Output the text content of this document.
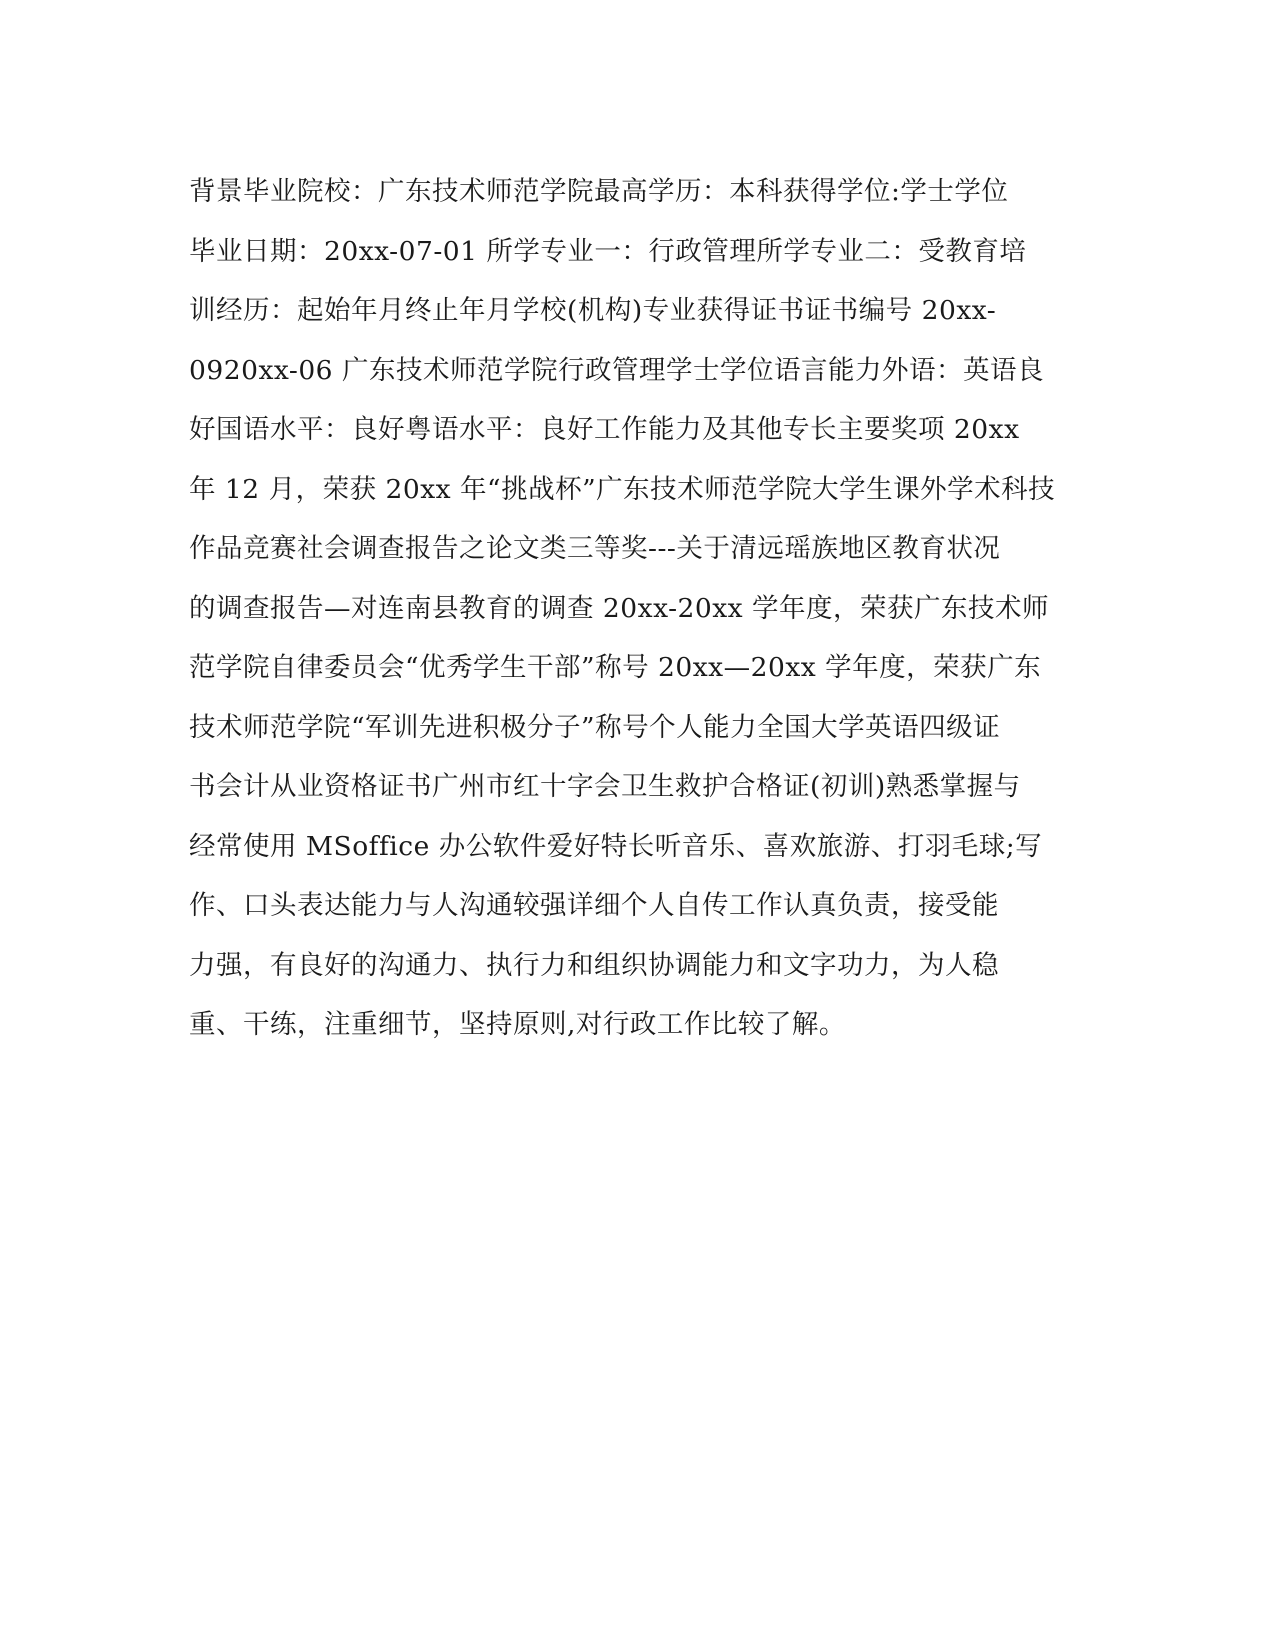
背景毕业院校：广东技术师范学院最高学历：本科获得学位:学士学位
毕业日期：20xx-07-01 所学专业一：行政管理所学专业二：受教育培
训经历：起始年月终止年月学校(机构)专业获得证书证书编号 20xx-
0920xx-06 广东技术师范学院行政管理学士学位语言能力外语：英语良
好国语水平：良好粤语水平：良好工作能力及其他专长主要奖项 20xx
年 12 月，荣获 20xx 年“挑战杯”广东技术师范学院大学生课外学术科技
作品竞赛社会调查报告之论文类三等奖---关于清远瑶族地区教育状况
的调查报告—对连南县教育的调查 20xx-20xx 学年度，荣获广东技术师
范学院自律委员会“优秀学生干部”称号 20xx—20xx 学年度，荣获广东
技术师范学院“军训先进积极分子”称号个人能力全国大学英语四级证
书会计从业资格证书广州市红十字会卫生救护合格证(初训)熟悉掌握与
经常使用 MSoffice 办公软件爱好特长听音乐、喜欢旅游、打羽毛球;写
作、口头表达能力与人沟通较强详细个人自传工作认真负责，接受能
力强，有良好的沟通力、执行力和组织协调能力和文字功力，为人稳
重、干练，注重细节，坚持原则,对行政工作比较了解。
